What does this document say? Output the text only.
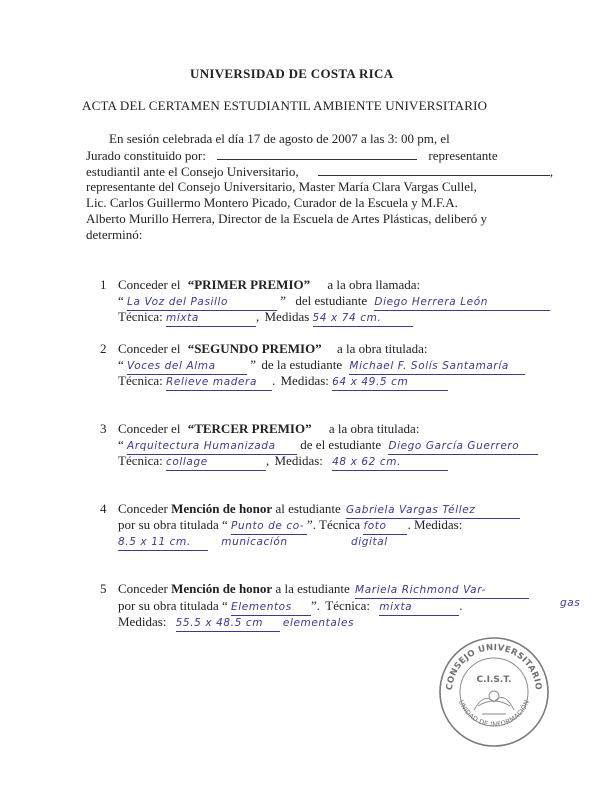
UNIVERSIDAD DE COSTA RICA
ACTA DEL CERTAMEN ESTUDIANTIL AMBIENTE UNIVERSITARIO
En sesión celebrada el día 17 de agosto de 2007 a las 3: 00 pm, el
Jurado constituido por:	representante
estudiantil ante el Consejo Universitario,	,
representante del Consejo Universitario, Master María Clara Vargas Cullel,
Lic. Carlos Guillermo Montero Picado, Curador de la Escuela y M.F.A.
Alberto Murillo Herrera, Director de la Escuela de Artes Plásticas, deliberó y
determinó:
1 Conceder el “PRIMER PREMIO” a la obra llamada:
“ La Voz del Pasillo	” del estudiante Diego Herrera León
Técnica: mixta	, Medidas 54 x 74 cm.
2 Conceder el “SEGUNDO PREMIO” a la obra titulada:
“ Voces del Alma	” de la estudiante Michael F. Solís Santamaría
Técnica: Relieve madera . Medidas: 64 x 49.5 cm
3 Conceder el “TERCER PREMIO” a la obra titulada:
“ Arquitectura Humanizada de el estudiante Diego García Guerrero
Técnica: collage	, Medidas: 48 x 62 cm.
4 Conceder Mención de honor al estudiante Gabriela Vargas Téllez
por su obra titulada “ Punto de co- ”. Técnica foto . Medidas:
8.5 x 11 cm.	municación	digital
5 Conceder Mención de honor a la estudiante Mariela Richmond Var-
gas
por su obra titulada “ Elementos ”. Técnica: mixta	.
Medidas: 55.5 x 48.5 cm elementales
CONSEJO UNIVERSITARIO
C.I.S.T.
UNIDAD DE INFORMACIÓN
